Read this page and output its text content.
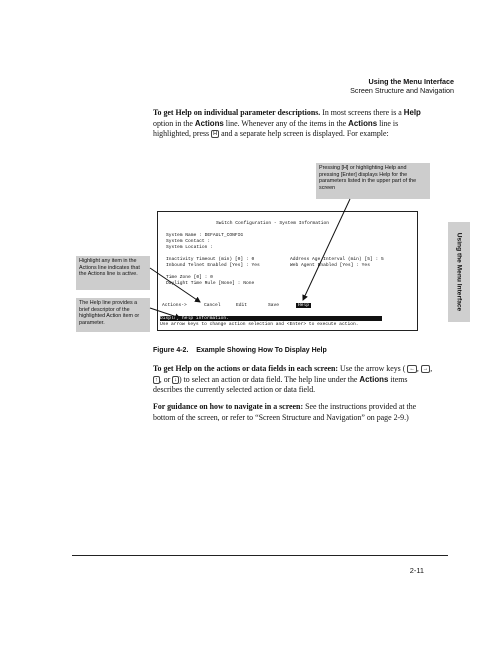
Using the Menu Interface
Screen Structure and Navigation
Using the Menu Interface
To get Help on individual parameter descriptions. In most screens there is a Help option in the Actions line. Whenever any of the items in the Actions line is highlighted, press H and a separate help screen is displayed. For example:
Pressing [H] or highlighting Help and pressing [Enter] displays Help for the parameters listed in the upper part of the screen
Highlight any item in the Actions line indicates that the Actions line is active.
The Help line provides a brief descriptor of the highlighted Action item or parameter.
Switch Configuration - System Information
System Name : DEFAULT_CONFIG
System Contact :
System Location :
Inactivity Timeout (min) [0] : 0
Inbound Telnet Enabled [Yes] : Yes
Address Age Interval (min) [5] : 5
Web Agent Enabled [Yes] : Yes
Time Zone [0] : 0
Daylight Time Rule [None] : None
Actions->	Cancel	Edit	Save	Help
Display help information.
Use arrow keys to change action selection and <Enter> to execute action.
Figure 4-2. Example Showing How To Display Help
To get Help on the actions or data fields in each screen: Use the arrow keys ( ← , → , ↑ , or ↓ ) to select an action or data field. The help line under the Actions items describes the currently selected action or data field.
For guidance on how to navigate in a screen: See the instructions provided at the bottom of the screen, or refer to “Screen Structure and Navigation” on page 2-9.)
2-11
